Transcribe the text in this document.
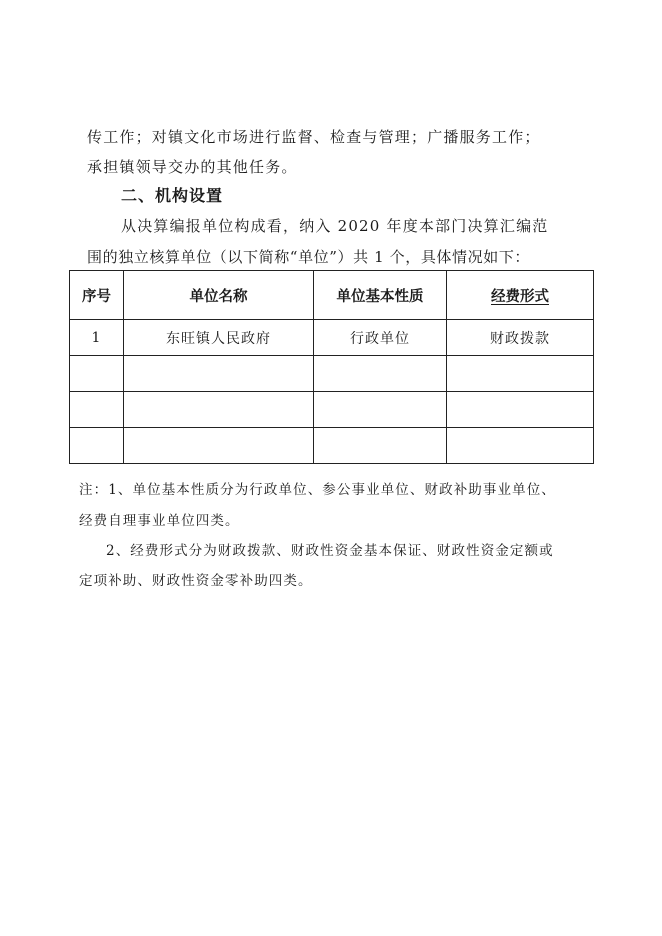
传工作；对镇文化市场进行监督、检查与管理；广播服务工作；
承担镇领导交办的其他任务。
二、机构设置
从决算编报单位构成看，纳入 2020 年度本部门决算汇编范
围的独立核算单位（以下简称“单位”）共 1 个，具体情况如下：
序号	单位名称	单位基本性质	经费形式
1	东旺镇人民政府	行政单位	财政拨款

注：1、单位基本性质分为行政单位、参公事业单位、财政补助事业单位、
经费自理事业单位四类。
2、经费形式分为财政拨款、财政性资金基本保证、财政性资金定额或
定项补助、财政性资金零补助四类。
